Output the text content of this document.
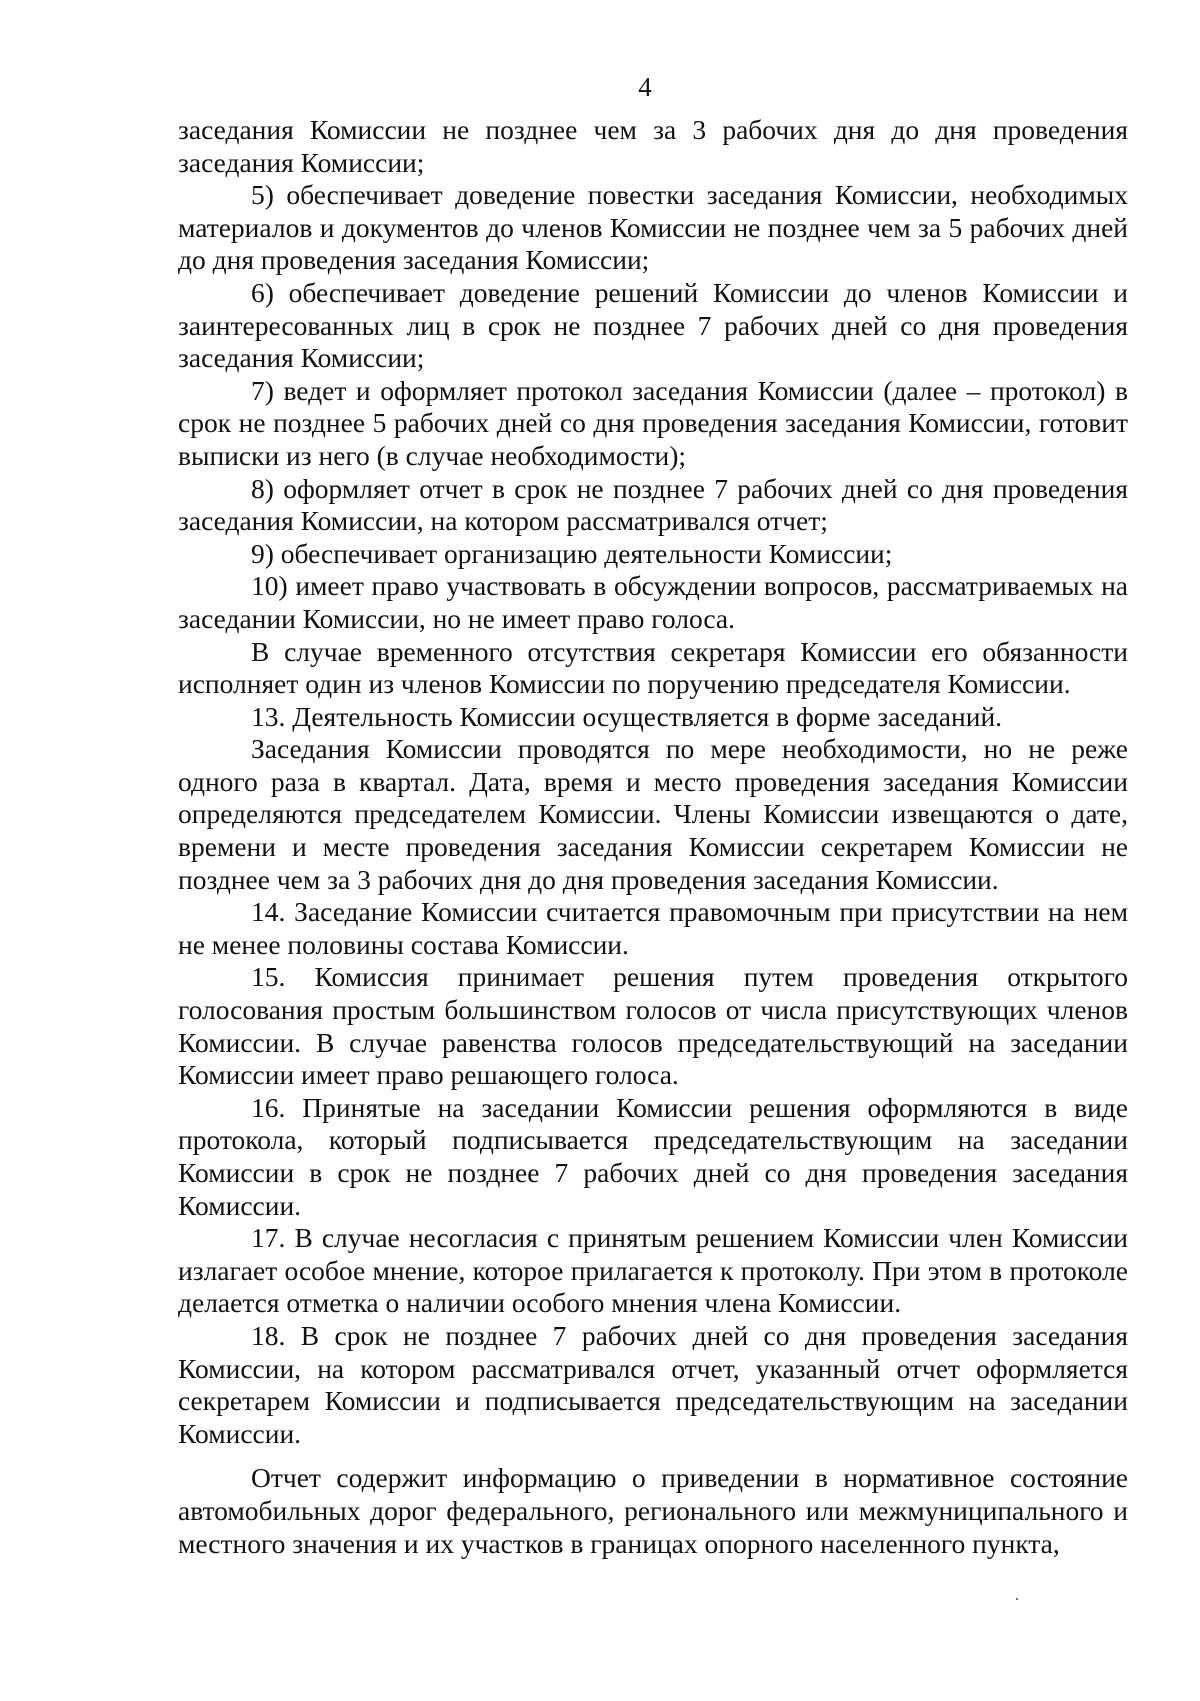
4

заседания Комиссии не позднее чем за 3 рабочих дня до дня проведения заседания Комиссии;

5) обеспечивает доведение повестки заседания Комиссии, необходимых материалов и документов до членов Комиссии не позднее чем за 5 рабочих дней до дня проведения заседания Комиссии;

6) обеспечивает доведение решений Комиссии до членов Комиссии и заинтересованных лиц в срок не позднее 7 рабочих дней со дня проведения заседания Комиссии;

7) ведет и оформляет протокол заседания Комиссии (далее – протокол) в срок не позднее 5 рабочих дней со дня проведения заседания Комиссии, готовит выписки из него (в случае необходимости);

8) оформляет отчет в срок не позднее 7 рабочих дней со дня проведения заседания Комиссии, на котором рассматривался отчет;

9) обеспечивает организацию деятельности Комиссии;

10) имеет право участвовать в обсуждении вопросов, рассматриваемых на заседании Комиссии, но не имеет право голоса.

В случае временного отсутствия секретаря Комиссии его обязанности исполняет один из членов Комиссии по поручению председателя Комиссии.

13. Деятельность Комиссии осуществляется в форме заседаний.

Заседания Комиссии проводятся по мере необходимости, но не реже одного раза в квартал. Дата, время и место проведения заседания Комиссии определяются председателем Комиссии. Члены Комиссии извещаются о дате, времени и месте проведения заседания Комиссии секретарем Комиссии не позднее чем за 3 рабочих дня до дня проведения заседания Комиссии.

14. Заседание Комиссии считается правомочным при присутствии на нем не менее половины состава Комиссии.

15. Комиссия принимает решения путем проведения открытого голосования простым большинством голосов от числа присутствующих членов Комиссии. В случае равенства голосов председательствующий на заседании Комиссии имеет право решающего голоса.

16. Принятые на заседании Комиссии решения оформляются в виде протокола, который подписывается председательствующим на заседании Комиссии в срок не позднее 7 рабочих дней со дня проведения заседания Комиссии.

17. В случае несогласия с принятым решением Комиссии член Комиссии излагает особое мнение, которое прилагается к протоколу. При этом в протоколе делается отметка о наличии особого мнения члена Комиссии.

18. В срок не позднее 7 рабочих дней со дня проведения заседания Комиссии, на котором рассматривался отчет, указанный отчет оформляется секретарем Комиссии и подписывается председательствующим на заседании Комиссии.

Отчет содержит информацию о приведении в нормативное состояние автомобильных дорог федерального, регионального или межмуниципального и местного значения и их участков в границах опорного населенного пункта,
